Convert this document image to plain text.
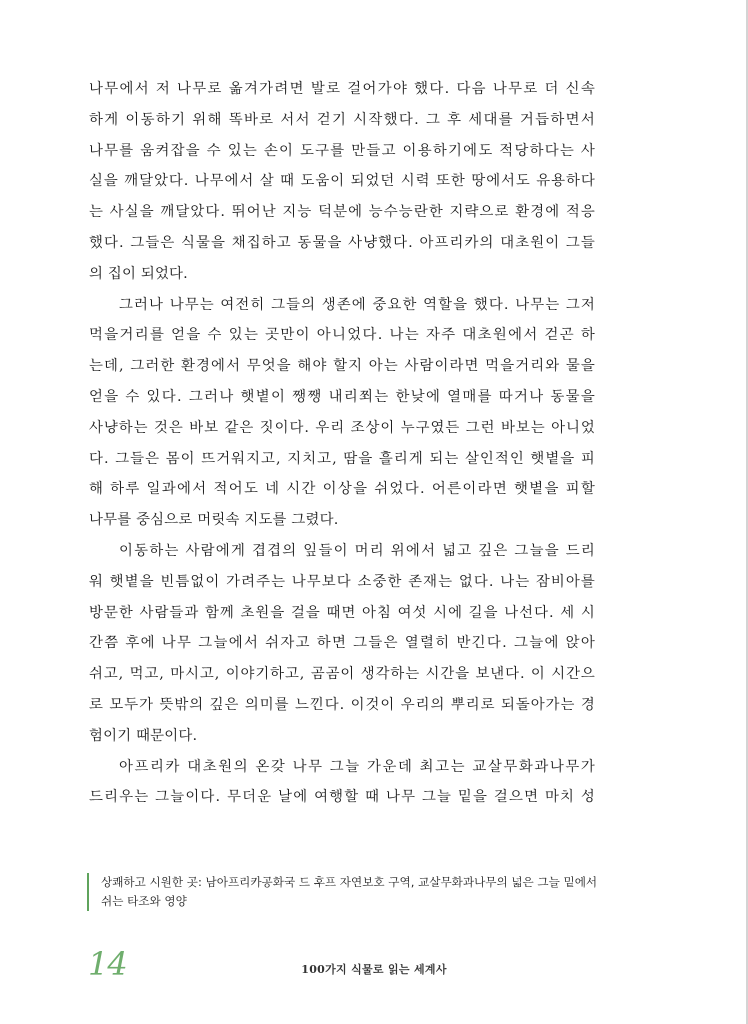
나무에서 저 나무로 옮겨가려면 발로 걸어가야 했다. 다음 나무로 더 신속
하게 이동하기 위해 똑바로 서서 걷기 시작했다. 그 후 세대를 거듭하면서
나무를 움켜잡을 수 있는 손이 도구를 만들고 이용하기에도 적당하다는 사
실을 깨달았다. 나무에서 살 때 도움이 되었던 시력 또한 땅에서도 유용하다
는 사실을 깨달았다. 뛰어난 지능 덕분에 능수능란한 지략으로 환경에 적응
했다. 그들은 식물을 채집하고 동물을 사냥했다. 아프리카의 대초원이 그들
의 집이 되었다.
그러나 나무는 여전히 그들의 생존에 중요한 역할을 했다. 나무는 그저
먹을거리를 얻을 수 있는 곳만이 아니었다. 나는 자주 대초원에서 걷곤 하
는데, 그러한 환경에서 무엇을 해야 할지 아는 사람이라면 먹을거리와 물을
얻을 수 있다. 그러나 햇볕이 쨍쨍 내리쬐는 한낮에 열매를 따거나 동물을
사냥하는 것은 바보 같은 짓이다. 우리 조상이 누구였든 그런 바보는 아니었
다. 그들은 몸이 뜨거워지고, 지치고, 땀을 흘리게 되는 살인적인 햇볕을 피
해 하루 일과에서 적어도 네 시간 이상을 쉬었다. 어른이라면 햇볕을 피할
나무를 중심으로 머릿속 지도를 그렸다.
이동하는 사람에게 겹겹의 잎들이 머리 위에서 넓고 깊은 그늘을 드리
워 햇볕을 빈틈없이 가려주는 나무보다 소중한 존재는 없다. 나는 잠비아를
방문한 사람들과 함께 초원을 걸을 때면 아침 여섯 시에 길을 나선다. 세 시
간쯤 후에 나무 그늘에서 쉬자고 하면 그들은 열렬히 반긴다. 그늘에 앉아
쉬고, 먹고, 마시고, 이야기하고, 곰곰이 생각하는 시간을 보낸다. 이 시간으
로 모두가 뜻밖의 깊은 의미를 느낀다. 이것이 우리의 뿌리로 되돌아가는 경
험이기 때문이다.
아프리카 대초원의 온갖 나무 그늘 가운데 최고는 교살무화과나무가
드리우는 그늘이다. 무더운 날에 여행할 때 나무 그늘 밑을 걸으면 마치 성
상쾌하고 시원한 곳: 남아프리카공화국 드 후프 자연보호 구역, 교살무화과나무의 넓은 그늘 밑에서
쉬는 타조와 영양
14	100가지 식물로 읽는 세계사
